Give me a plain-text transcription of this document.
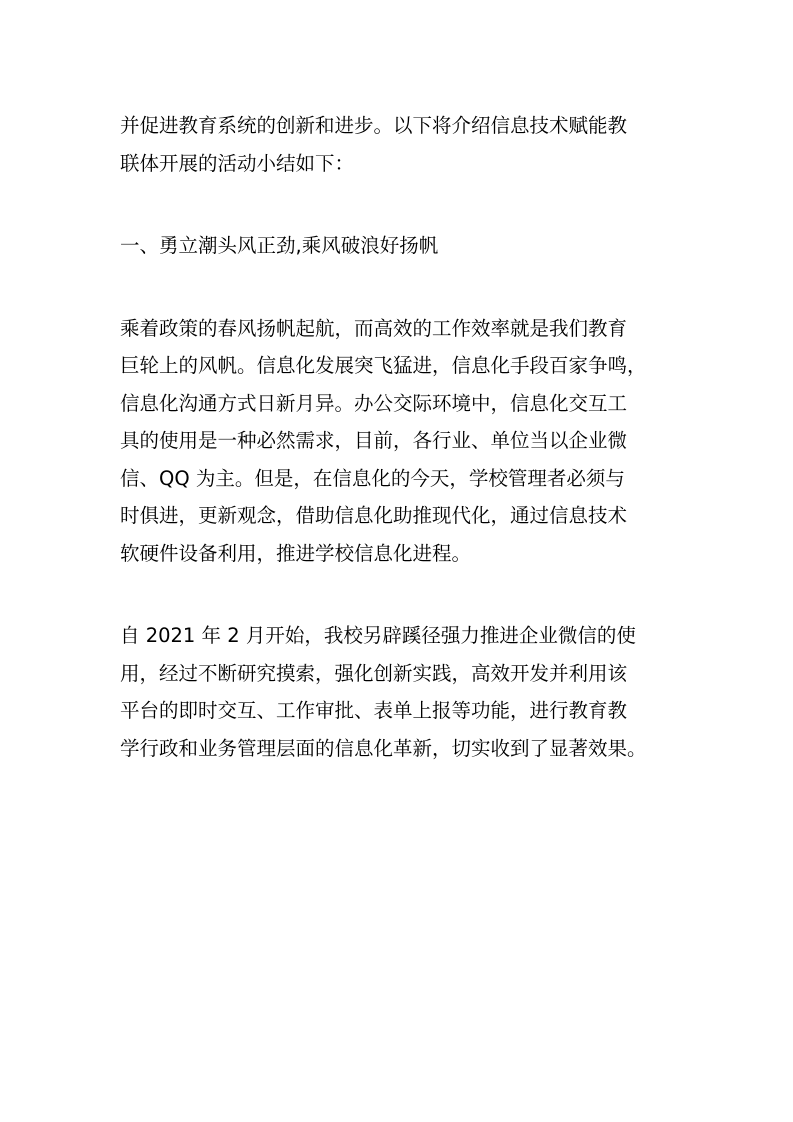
并促进教育系统的创新和进步。以下将介绍信息技术赋能教
联体开展的活动小结如下：
一、勇立潮头风正劲,乘风破浪好扬帆
乘着政策的春风扬帆起航，而高效的工作效率就是我们教育
巨轮上的风帆。信息化发展突飞猛进，信息化手段百家争鸣，
信息化沟通方式日新月异。办公交际环境中，信息化交互工
具的使用是一种必然需求，目前，各行业、单位当以企业微
信、QQ 为主。但是，在信息化的今天，学校管理者必须与
时俱进，更新观念，借助信息化助推现代化，通过信息技术
软硬件设备利用，推进学校信息化进程。
自 2021 年 2 月开始，我校另辟蹊径强力推进企业微信的使
用，经过不断研究摸索，强化创新实践，高效开发并利用该
平台的即时交互、工作审批、表单上报等功能，进行教育教
学行政和业务管理层面的信息化革新，切实收到了显著效果。
